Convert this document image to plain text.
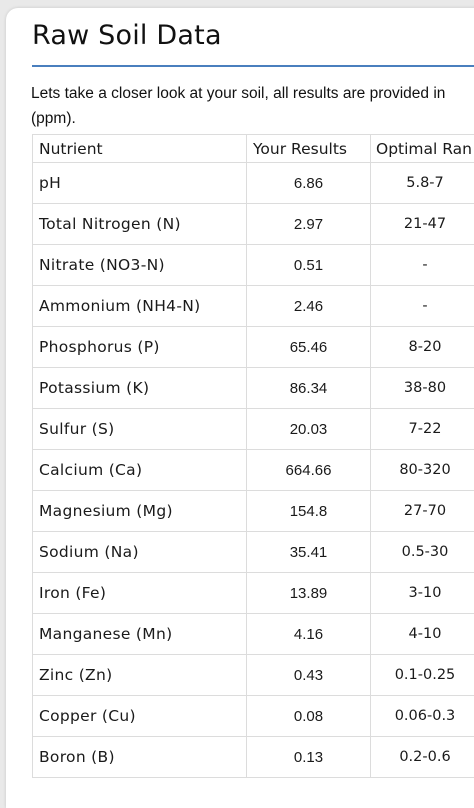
Raw Soil Data

Lets take a closer look at your soil, all results are provided in
(ppm).

Nutrient	Your Results	Optimal Ran
pH	6.86	5.8-7

Total Nitrogen (N)	2.97	21-47

Nitrate (NO3-N)	0.51	-

Ammonium (NH4-N)	2.46	-

Phosphorus (P)	65.46	8-20

Potassium (K)	86.34	38-80

Sulfur (S)	20.03	7-22

Calcium (Ca)	664.66	80-320

Magnesium (Mg)	154.8	27-70

Sodium (Na)	35.41	0.5-30

Iron (Fe)	13.89	3-10

Manganese (Mn)	4.16	4-10

Zinc (Zn)	0.43	0.1-0.25

Copper (Cu)	0.08	0.06-0.3

Boron (B)	0.13	0.2-0.6
